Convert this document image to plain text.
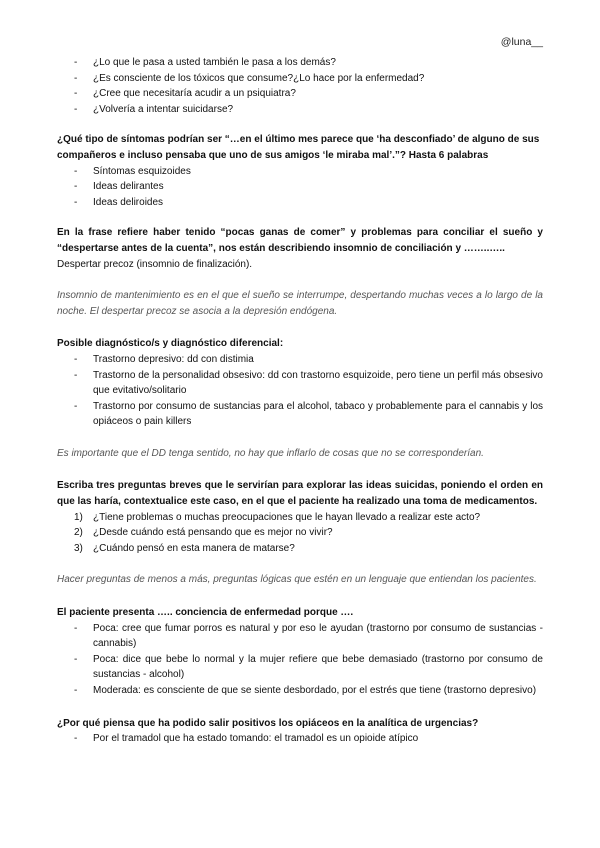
@luna__
- ¿Lo que le pasa a usted también le pasa a los demás?
- ¿Es consciente de los tóxicos que consume?¿Lo hace por la enfermedad?
- ¿Cree que necesitaría acudir a un psiquiatra?
- ¿Volvería a intentar suicidarse?

¿Qué tipo de síntomas podrían ser “…en el último mes parece que ‘ha desconfiado’ de alguno de sus compañeros e incluso pensaba que uno de sus amigos ‘le miraba mal’.”? Hasta 6 palabras

- Síntomas esquizoides
- Ideas delirantes
- Ideas deliroides

En la frase refiere haber tenido “pocas ganas de comer” y problemas para conciliar el sueño y “despertarse antes de la cuenta”, nos están describiendo insomnio de conciliación y ……..…..

Despertar precoz (insomnio de finalización).

Insomnio de mantenimiento es en el que el sueño se interrumpe, despertando muchas veces a lo largo de la noche. El despertar precoz se asocia a la depresión endógena.

Posible diagnóstico/s y diagnóstico diferencial:

- Trastorno depresivo: dd con distimia
- Trastorno de la personalidad obsesivo: dd con trastorno esquizoide, pero tiene un perfil más obsesivo que evitativo/solitario
- Trastorno por consumo de sustancias para el alcohol, tabaco y probablemente para el cannabis y los opiáceos o pain killers

Es importante que el DD tenga sentido, no hay que inflarlo de cosas que no se corresponderían.

Escriba tres preguntas breves que le servirían para explorar las ideas suicidas, poniendo el orden en que las haría, contextualice este caso, en el que el paciente ha realizado una toma de medicamentos.

1) ¿Tiene problemas o muchas preocupaciones que le hayan llevado a realizar este acto?
2) ¿Desde cuándo está pensando que es mejor no vivir?
3) ¿Cuándo pensó en esta manera de matarse?

Hacer preguntas de menos a más, preguntas lógicas que estén en un lenguaje que entiendan los pacientes.

El paciente presenta ….. conciencia de enfermedad porque ….

- Poca: cree que fumar porros es natural y por eso le ayudan (trastorno por consumo de sustancias - cannabis)
- Poca: dice que bebe lo normal y la mujer refiere que bebe demasiado (trastorno por consumo de sustancias - alcohol)
- Moderada: es consciente de que se siente desbordado, por el estrés que tiene (trastorno depresivo)

¿Por qué piensa que ha podido salir positivos los opiáceos en la analítica de urgencias?

- Por el tramadol que ha estado tomando: el tramadol es un opioide atípico
